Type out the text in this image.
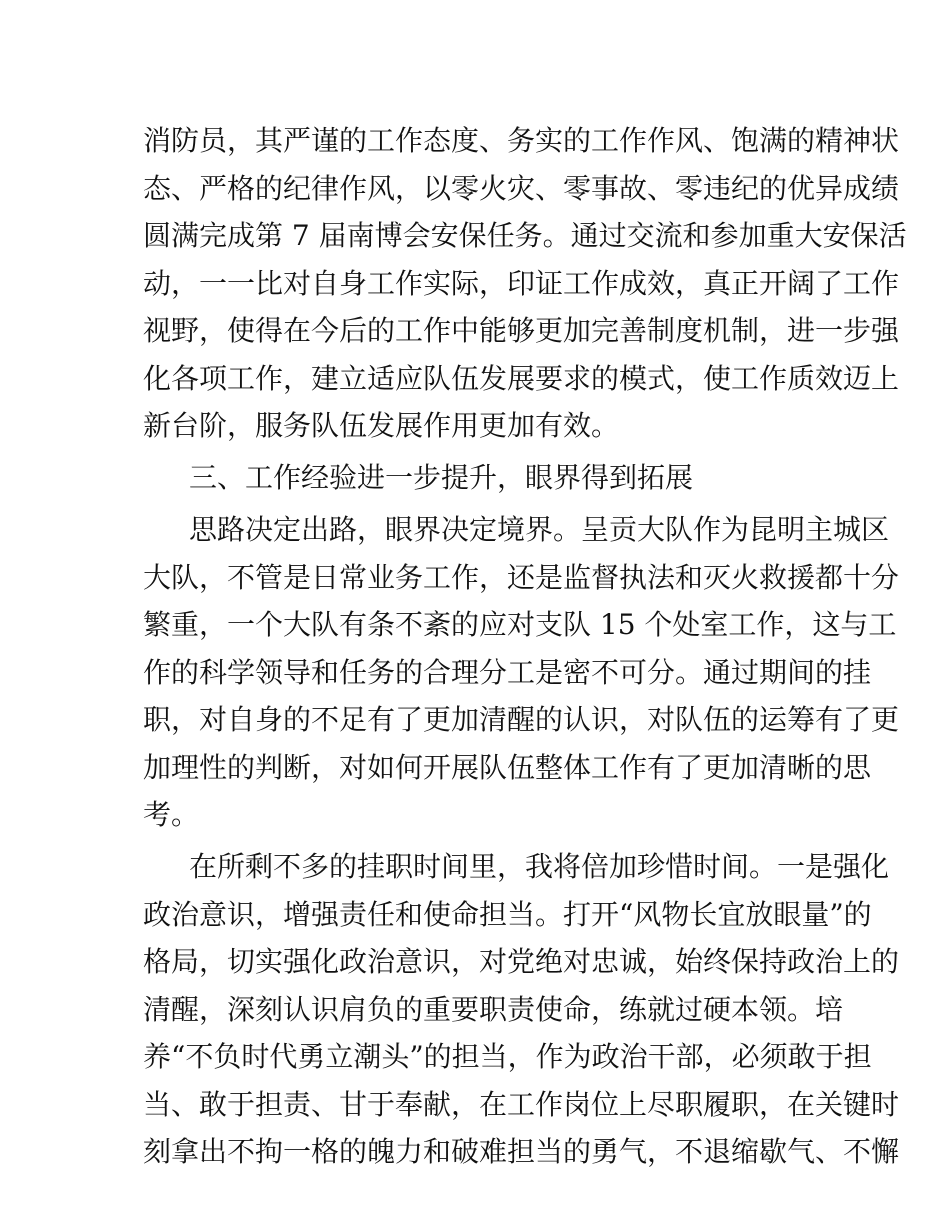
消防员，其严谨的工作态度、务实的工作作风、饱满的精神状
态、严格的纪律作风，以零火灾、零事故、零违纪的优异成绩
圆满完成第 7 届南博会安保任务。通过交流和参加重大安保活
动，一一比对自身工作实际，印证工作成效，真正开阔了工作
视野，使得在今后的工作中能够更加完善制度机制，进一步强
化各项工作，建立适应队伍发展要求的模式，使工作质效迈上
新台阶，服务队伍发展作用更加有效。
三、工作经验进一步提升，眼界得到拓展
思路决定出路，眼界决定境界。呈贡大队作为昆明主城区
大队，不管是日常业务工作，还是监督执法和灭火救援都十分
繁重，一个大队有条不紊的应对支队 15 个处室工作，这与工
作的科学领导和任务的合理分工是密不可分。通过期间的挂
职，对自身的不足有了更加清醒的认识，对队伍的运筹有了更
加理性的判断，对如何开展队伍整体工作有了更加清晰的思
考。
在所剩不多的挂职时间里，我将倍加珍惜时间。一是强化
政治意识，增强责任和使命担当。打开“风物长宜放眼量”的
格局，切实强化政治意识，对党绝对忠诚，始终保持政治上的
清醒，深刻认识肩负的重要职责使命，练就过硬本领。培
养“不负时代勇立潮头”的担当，作为政治干部，必须敢于担
当、敢于担责、甘于奉献，在工作岗位上尽职履职，在关键时
刻拿出不拘一格的魄力和破难担当的勇气，不退缩歇气、不懈
